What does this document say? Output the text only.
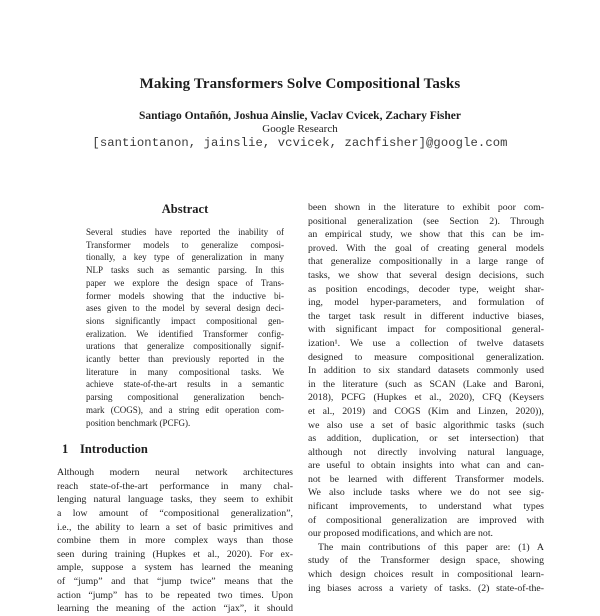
Making Transformers Solve Compositional Tasks
Santiago Ontañón, Joshua Ainslie, Vaclav Cvicek, Zachary Fisher
Google Research
[santiontanon, jainslie, vcvicek, zachfisher]@google.com
Abstract
Several studies have reported the inability of
Transformer models to generalize composi-
tionally, a key type of generalization in many
NLP tasks such as semantic parsing. In this
paper we explore the design space of Trans-
former models showing that the inductive bi-
ases given to the model by several design deci-
sions significantly impact compositional gen-
eralization. We identified Transformer config-
urations that generalize compositionally signif-
icantly better than previously reported in the
literature in many compositional tasks. We
achieve state-of-the-art results in a semantic
parsing compositional generalization bench-
mark (COGS), and a string edit operation com-
position benchmark (PCFG).
1 Introduction
Although modern neural network architectures
reach state-of-the-art performance in many chal-
lenging natural language tasks, they seem to exhibit
a low amount of “compositional generalization”,
i.e., the ability to learn a set of basic primitives and
combine them in more complex ways than those
seen during training (Hupkes et al., 2020). For ex-
ample, suppose a system has learned the meaning
of “jump” and that “jump twice” means that the
action “jump” has to be repeated two times. Upon
learning the meaning of the action “jax”, it should
been shown in the literature to exhibit poor com-
positional generalization (see Section 2). Through
an empirical study, we show that this can be im-
proved. With the goal of creating general models
that generalize compositionally in a large range of
tasks, we show that several design decisions, such
as position encodings, decoder type, weight shar-
ing, model hyper-parameters, and formulation of
the target task result in different inductive biases,
with significant impact for compositional general-
ization¹. We use a collection of twelve datasets
designed to measure compositional generalization.
In addition to six standard datasets commonly used
in the literature (such as SCAN (Lake and Baroni,
2018), PCFG (Hupkes et al., 2020), CFQ (Keysers
et al., 2019) and COGS (Kim and Linzen, 2020)),
we also use a set of basic algorithmic tasks (such
as addition, duplication, or set intersection) that
although not directly involving natural language,
are useful to obtain insights into what can and can-
not be learned with different Transformer models.
We also include tasks where we do not see sig-
nificant improvements, to understand what types
of compositional generalization are improved with
our proposed modifications, and which are not.
The main contributions of this paper are: (1) A
study of the Transformer design space, showing
which design choices result in compositional learn-
ing biases across a variety of tasks. (2) state-of-the-
